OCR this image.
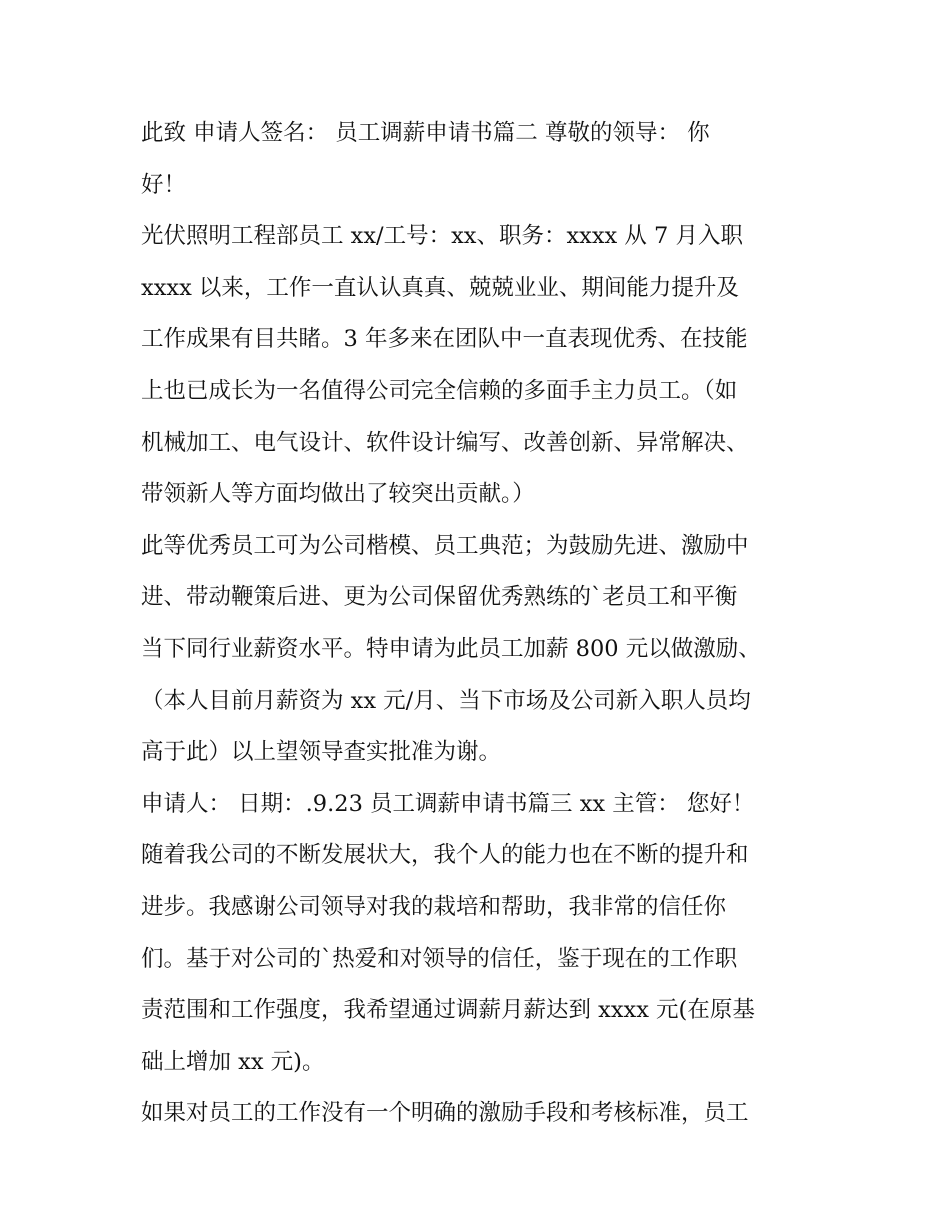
此致 申请人签名： 员工调薪申请书篇二 尊敬的领导： 你
好！
光伏照明工程部员工 xx/工号：xx、职务：xxxx 从 7 月入职
xxxx 以来，工作一直认认真真、兢兢业业、期间能力提升及
工作成果有目共睹。3 年多来在团队中一直表现优秀、在技能
上也已成长为一名值得公司完全信赖的多面手主力员工。（如
机械加工、电气设计、软件设计编写、改善创新、异常解决、
带领新人等方面均做出了较突出贡献。）
此等优秀员工可为公司楷模、员工典范；为鼓励先进、激励中
进、带动鞭策后进、更为公司保留优秀熟练的`老员工和平衡
当下同行业薪资水平。特申请为此员工加薪 800 元以做激励、
（本人目前月薪资为 xx 元/月、当下市场及公司新入职人员均
高于此）以上望领导查实批准为谢。
申请人： 日期：.9.23 员工调薪申请书篇三 xx 主管： 您好！
随着我公司的不断发展状大，我个人的能力也在不断的提升和
进步。我感谢公司领导对我的栽培和帮助，我非常的信任你
们。基于对公司的`热爱和对领导的信任，鉴于现在的工作职
责范围和工作强度，我希望通过调薪月薪达到 xxxx 元(在原基
础上增加 xx 元)。
如果对员工的工作没有一个明确的激励手段和考核标准，员工
